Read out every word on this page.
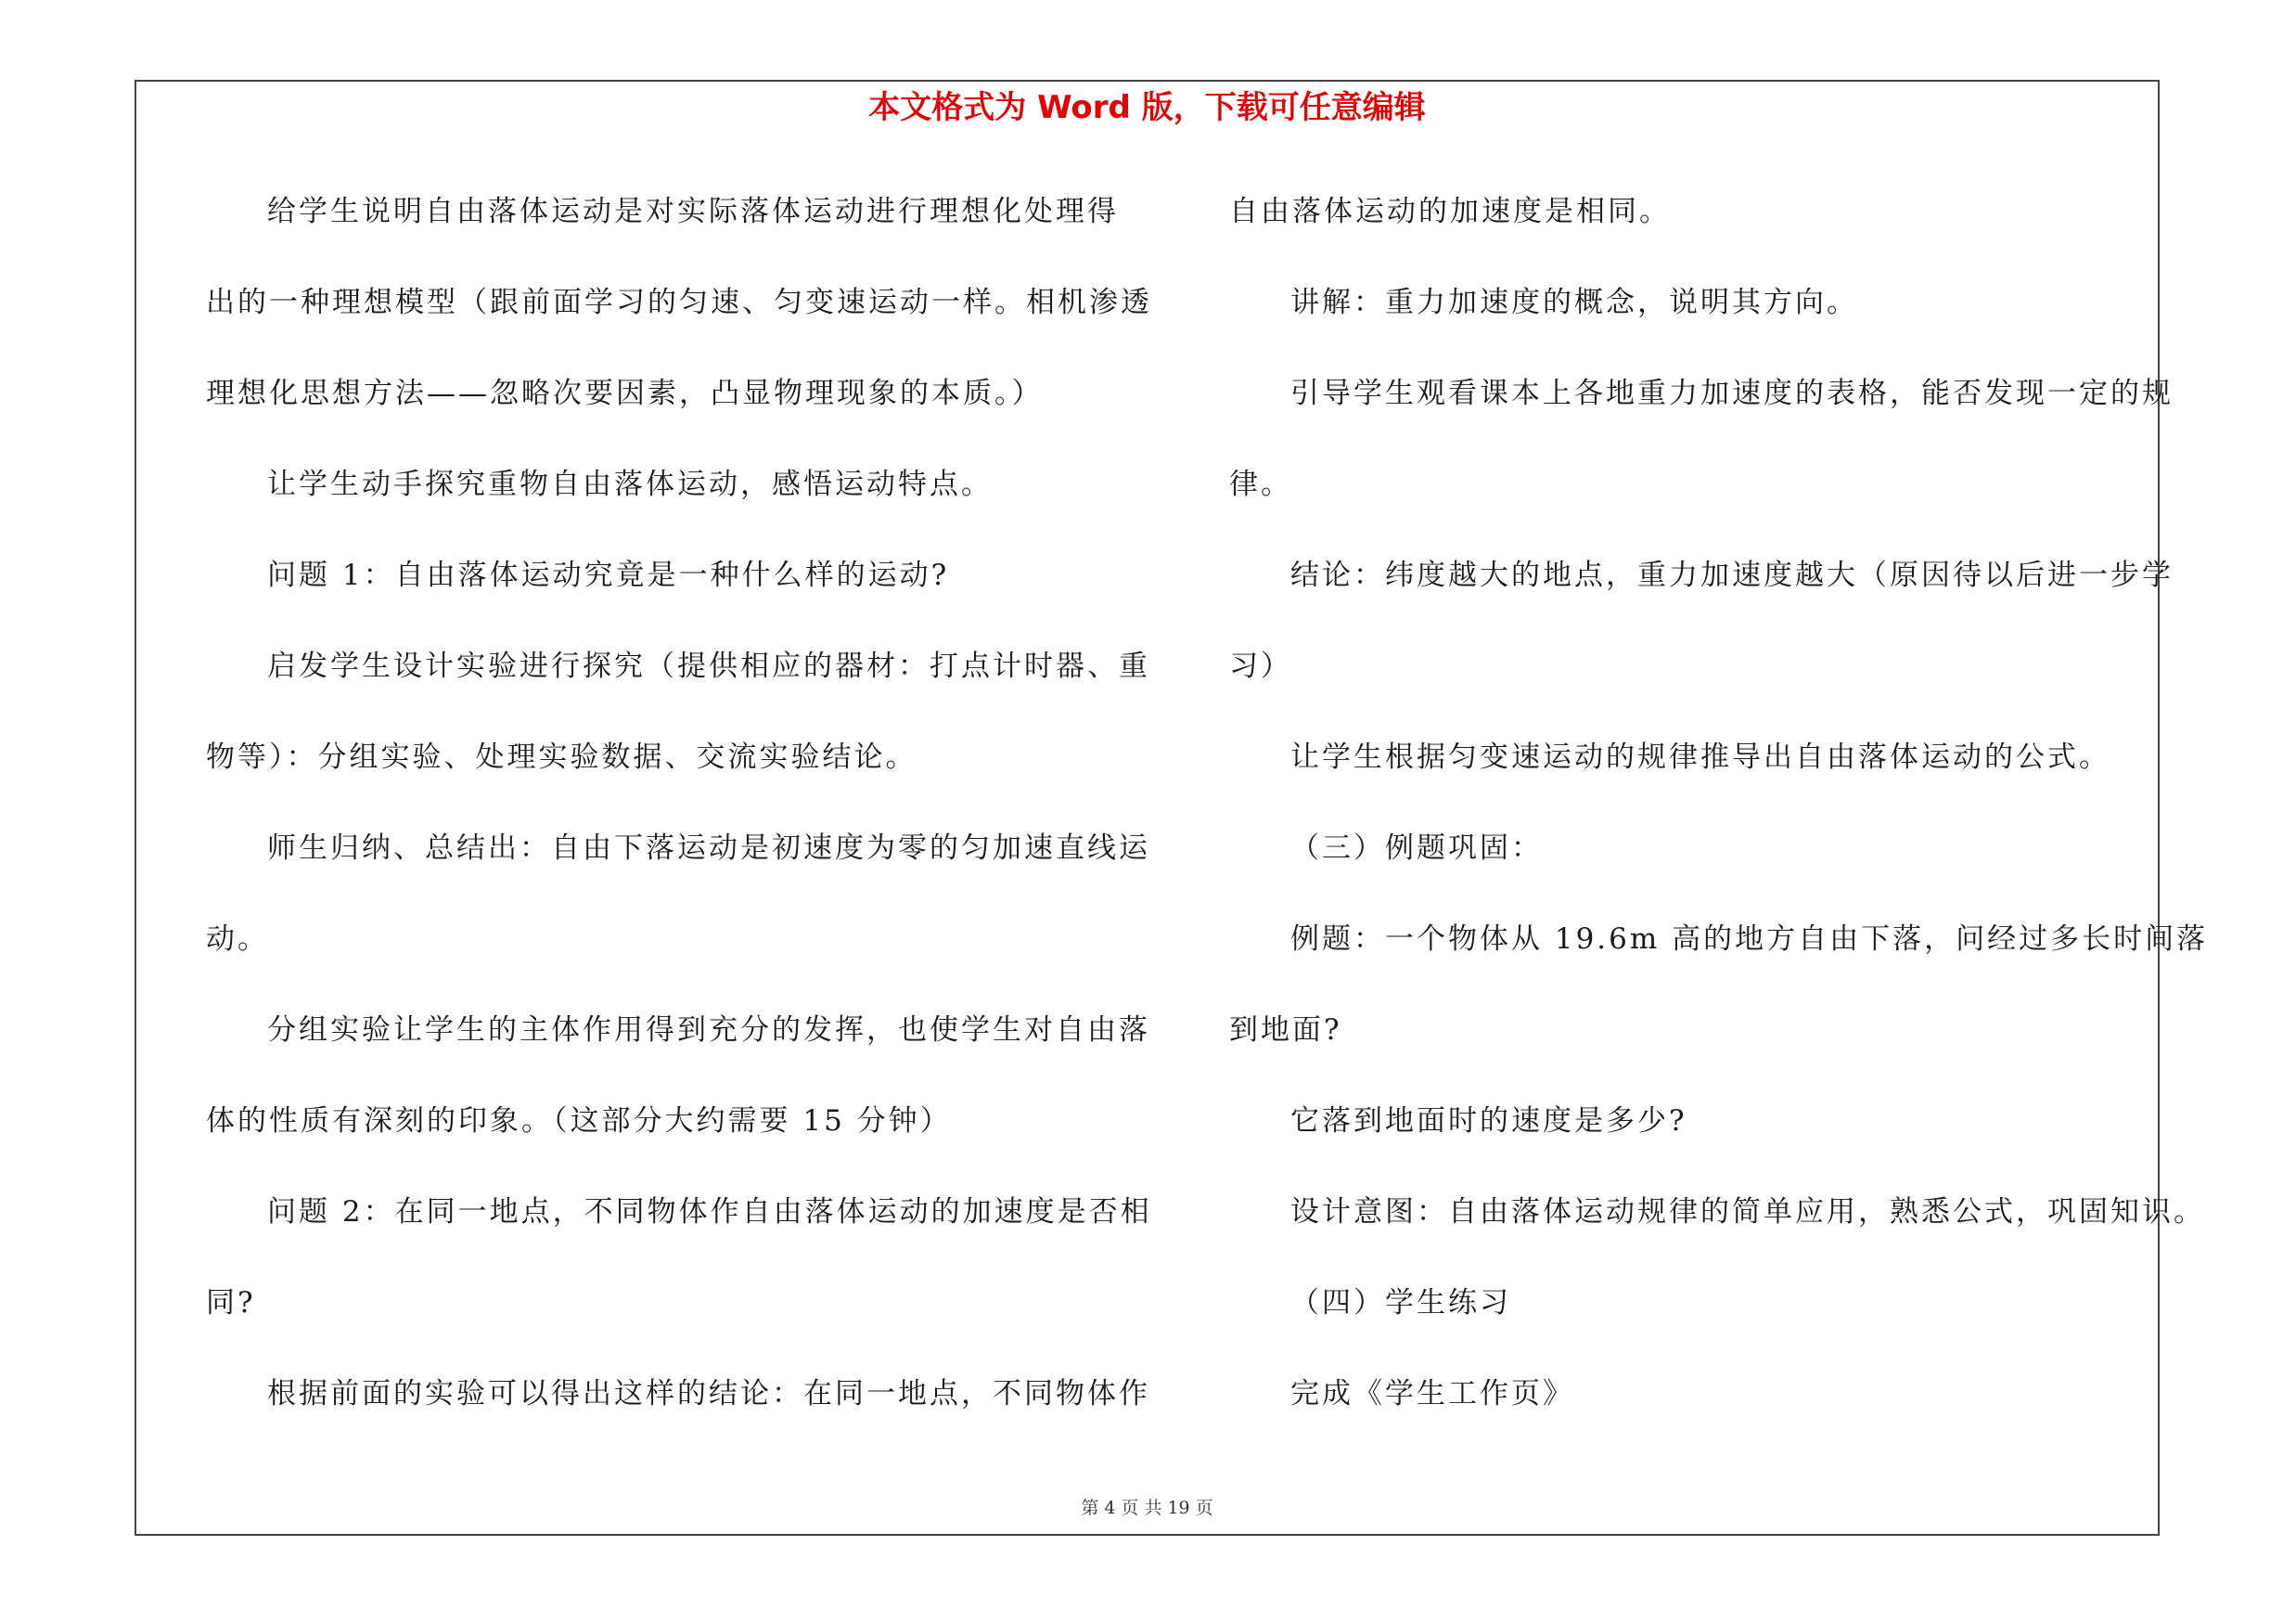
本文格式为 Word 版，下载可任意编辑
给学生说明自由落体运动是对实际落体运动进行理想化处理得
出的一种理想模型（跟前面学习的匀速、匀变速运动一样。相机渗透
理想化思想方法——忽略次要因素，凸显物理现象的本质。）
让学生动手探究重物自由落体运动，感悟运动特点。
问题 1：自由落体运动究竟是一种什么样的运动?
启发学生设计实验进行探究（提供相应的器材：打点计时器、重
物等）：分组实验、处理实验数据、交流实验结论。
师生归纳、总结出：自由下落运动是初速度为零的匀加速直线运
动。
分组实验让学生的主体作用得到充分的发挥，也使学生对自由落
体的性质有深刻的印象。（这部分大约需要 15 分钟）
问题 2：在同一地点，不同物体作自由落体运动的加速度是否相
同?
根据前面的实验可以得出这样的结论：在同一地点，不同物体作
自由落体运动的加速度是相同。
讲解：重力加速度的概念，说明其方向。
引导学生观看课本上各地重力加速度的表格，能否发现一定的规
律。
结论：纬度越大的地点，重力加速度越大（原因待以后进一步学
习）
让学生根据匀变速运动的规律推导出自由落体运动的公式。
（三）例题巩固：
例题：一个物体从 19.6m 高的地方自由下落，问经过多长时间落
到地面?
它落到地面时的速度是多少?
设计意图：自由落体运动规律的简单应用，熟悉公式，巩固知识。
（四）学生练习
完成《学生工作页》
第 4 页 共 19 页
